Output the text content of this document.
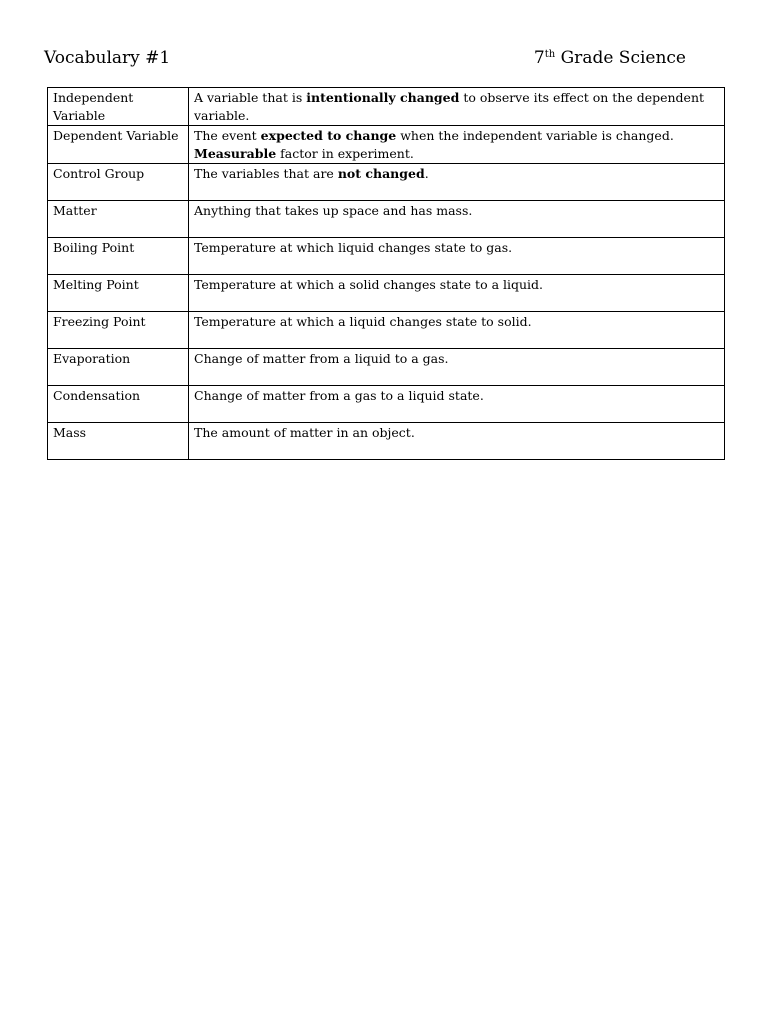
Vocabulary #1	7th Grade Science
Independent Variable	A variable that is intentionally changed to observe its effect on the dependent variable.
Dependent Variable	The event expected to change when the independent variable is changed.
Measurable factor in experiment.
Control Group	The variables that are not changed.
Matter	Anything that takes up space and has mass.
Boiling Point	Temperature at which liquid changes state to gas.
Melting Point	Temperature at which a solid changes state to a liquid.
Freezing Point	Temperature at which a liquid changes state to solid.
Evaporation	Change of matter from a liquid to a gas.
Condensation	Change of matter from a gas to a liquid state.
Mass	The amount of matter in an object.
